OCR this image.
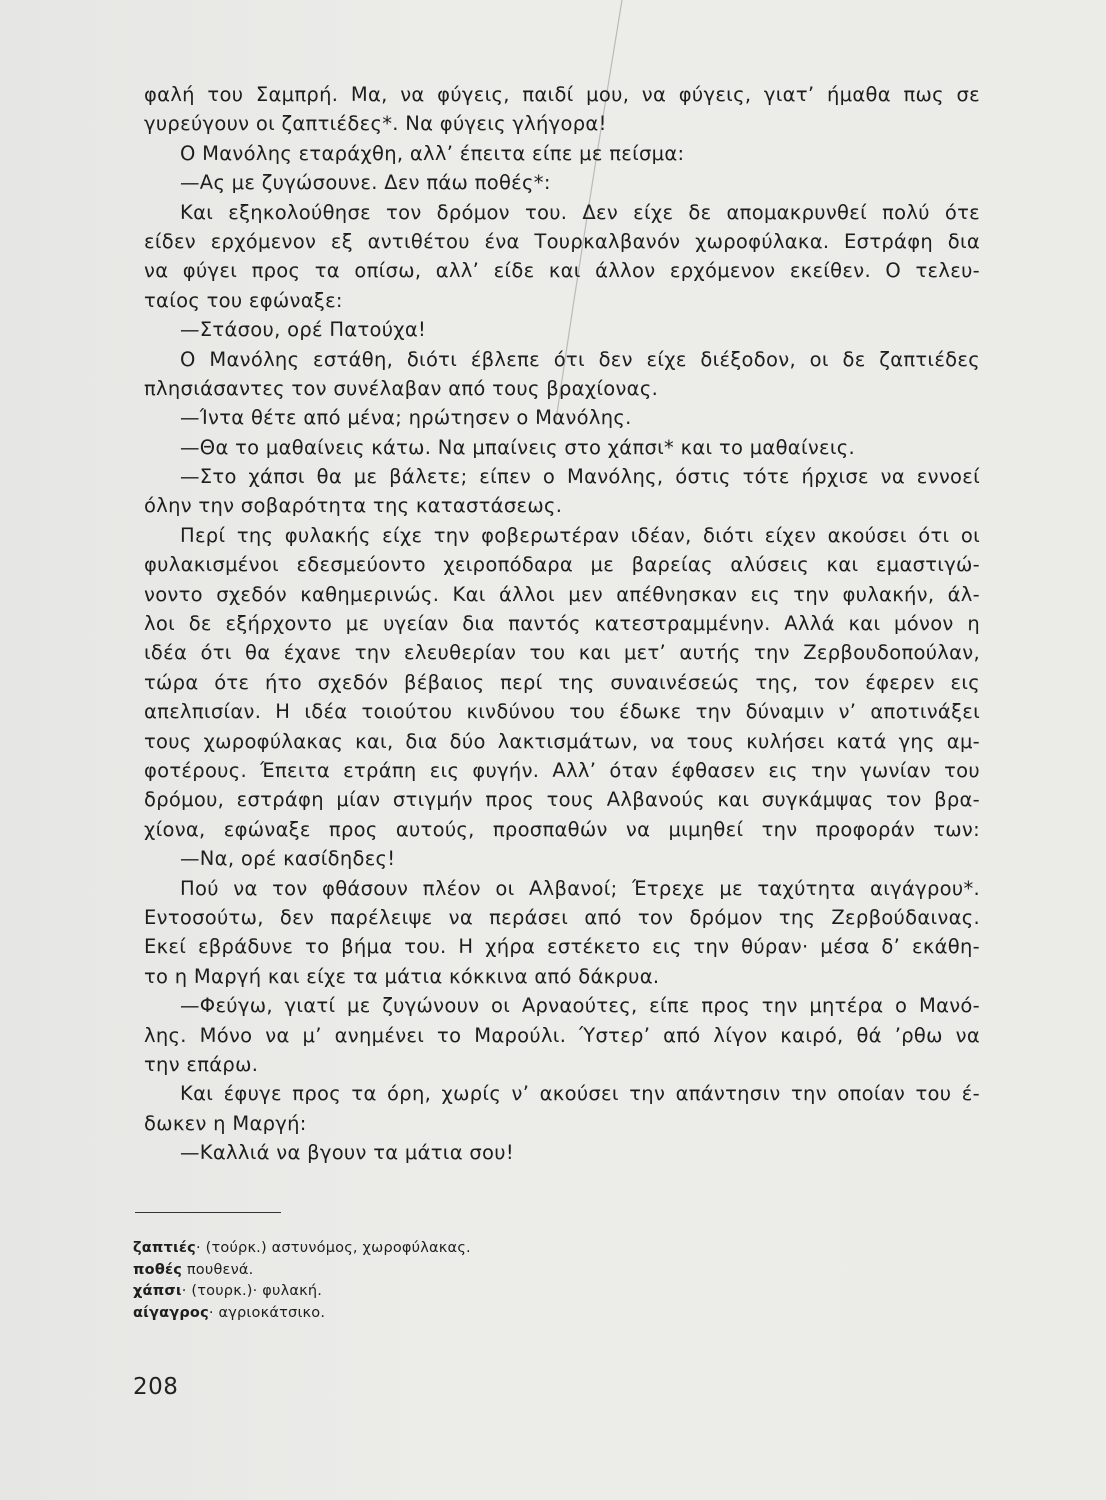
φαλή του Σαμπρή. Μα, να φύγεις, παιδί μου, να φύγεις, γιατ’ ήμαθα πως σε
γυρεύγουν οι ζαπτιέδες*. Να φύγεις γλήγορα!
Ο Μανόλης εταράχθη, αλλ’ έπειτα είπε με πείσμα:
—Ας με ζυγώσουνε. Δεν πάω ποθές*:
Και εξηκολούθησε τον δρόμον του. Δεν είχε δε απομακρυνθεί πολύ ότε
είδεν ερχόμενον εξ αντιθέτου ένα Τουρκαλβανόν χωροφύλακα. Εστράφη δια
να φύγει προς τα οπίσω, αλλ’ είδε και άλλον ερχόμενον εκείθεν. Ο τελευ-
ταίος του εφώναξε:
—Στάσου, ορέ Πατούχα!
Ο Μανόλης εστάθη, διότι έβλεπε ότι δεν είχε διέξοδον, οι δε ζαπτιέδες
πλησιάσαντες τον συνέλαβαν από τους βραχίονας.
—Ίντα θέτε από μένα; ηρώτησεν ο Μανόλης.
—Θα το μαθαίνεις κάτω. Να μπαίνεις στο χάπσι* και το μαθαίνεις.
—Στο χάπσι θα με βάλετε; είπεν ο Μανόλης, όστις τότε ήρχισε να εννοεί
όλην την σοβαρότητα της καταστάσεως.
Περί της φυλακής είχε την φοβερωτέραν ιδέαν, διότι είχεν ακούσει ότι οι
φυλακισμένοι εδεσμεύοντο χειροπόδαρα με βαρείας αλύσεις και εμαστιγώ-
νοντο σχεδόν καθημερινώς. Και άλλοι μεν απέθνησκαν εις την φυλακήν, άλ-
λοι δε εξήρχοντο με υγείαν δια παντός κατεστραμμένην. Αλλά και μόνον η
ιδέα ότι θα έχανε την ελευθερίαν του και μετ’ αυτής την Ζερβουδοπούλαν,
τώρα ότε ήτο σχεδόν βέβαιος περί της συναινέσεώς της, τον έφερεν εις
απελπισίαν. Η ιδέα τοιούτου κινδύνου του έδωκε την δύναμιν ν’ αποτινάξει
τους χωροφύλακας και, δια δύο λακτισμάτων, να τους κυλήσει κατά γης αμ-
φοτέρους. Έπειτα ετράπη εις φυγήν. Αλλ’ όταν έφθασεν εις την γωνίαν του
δρόμου, εστράφη μίαν στιγμήν προς τους Αλβανούς και συγκάμψας τον βρα-
χίονα, εφώναξε προς αυτούς, προσπαθών να μιμηθεί την προφοράν των:
—Να, ορέ κασίδηδες!
Πού να τον φθάσουν πλέον οι Αλβανοί; Έτρεχε με ταχύτητα αιγάγρου*.
Εντοσούτω, δεν παρέλειψε να περάσει από τον δρόμον της Ζερβούδαινας.
Εκεί εβράδυνε το βήμα του. Η χήρα εστέκετο εις την θύραν· μέσα δ’ εκάθη-
το η Μαργή και είχε τα μάτια κόκκινα από δάκρυα.
—Φεύγω, γιατί με ζυγώνουν οι Αρναούτες, είπε προς την μητέρα ο Μανό-
λης. Μόνο να μ’ ανημένει το Μαρούλι. Ύστερ’ από λίγον καιρό, θά ’ρθω να
την επάρω.
Και έφυγε προς τα όρη, χωρίς ν’ ακούσει την απάντησιν την οποίαν του έ-
δωκεν η Μαργή:
—Καλλιά να βγουν τα μάτια σου!
ζαπτιές· (τούρκ.) αστυνόμος, χωροφύλακας.
ποθές πουθενά.
χάπσι· (τουρκ.)· φυλακή.
αίγαγρος· αγριοκάτσικο.
208
